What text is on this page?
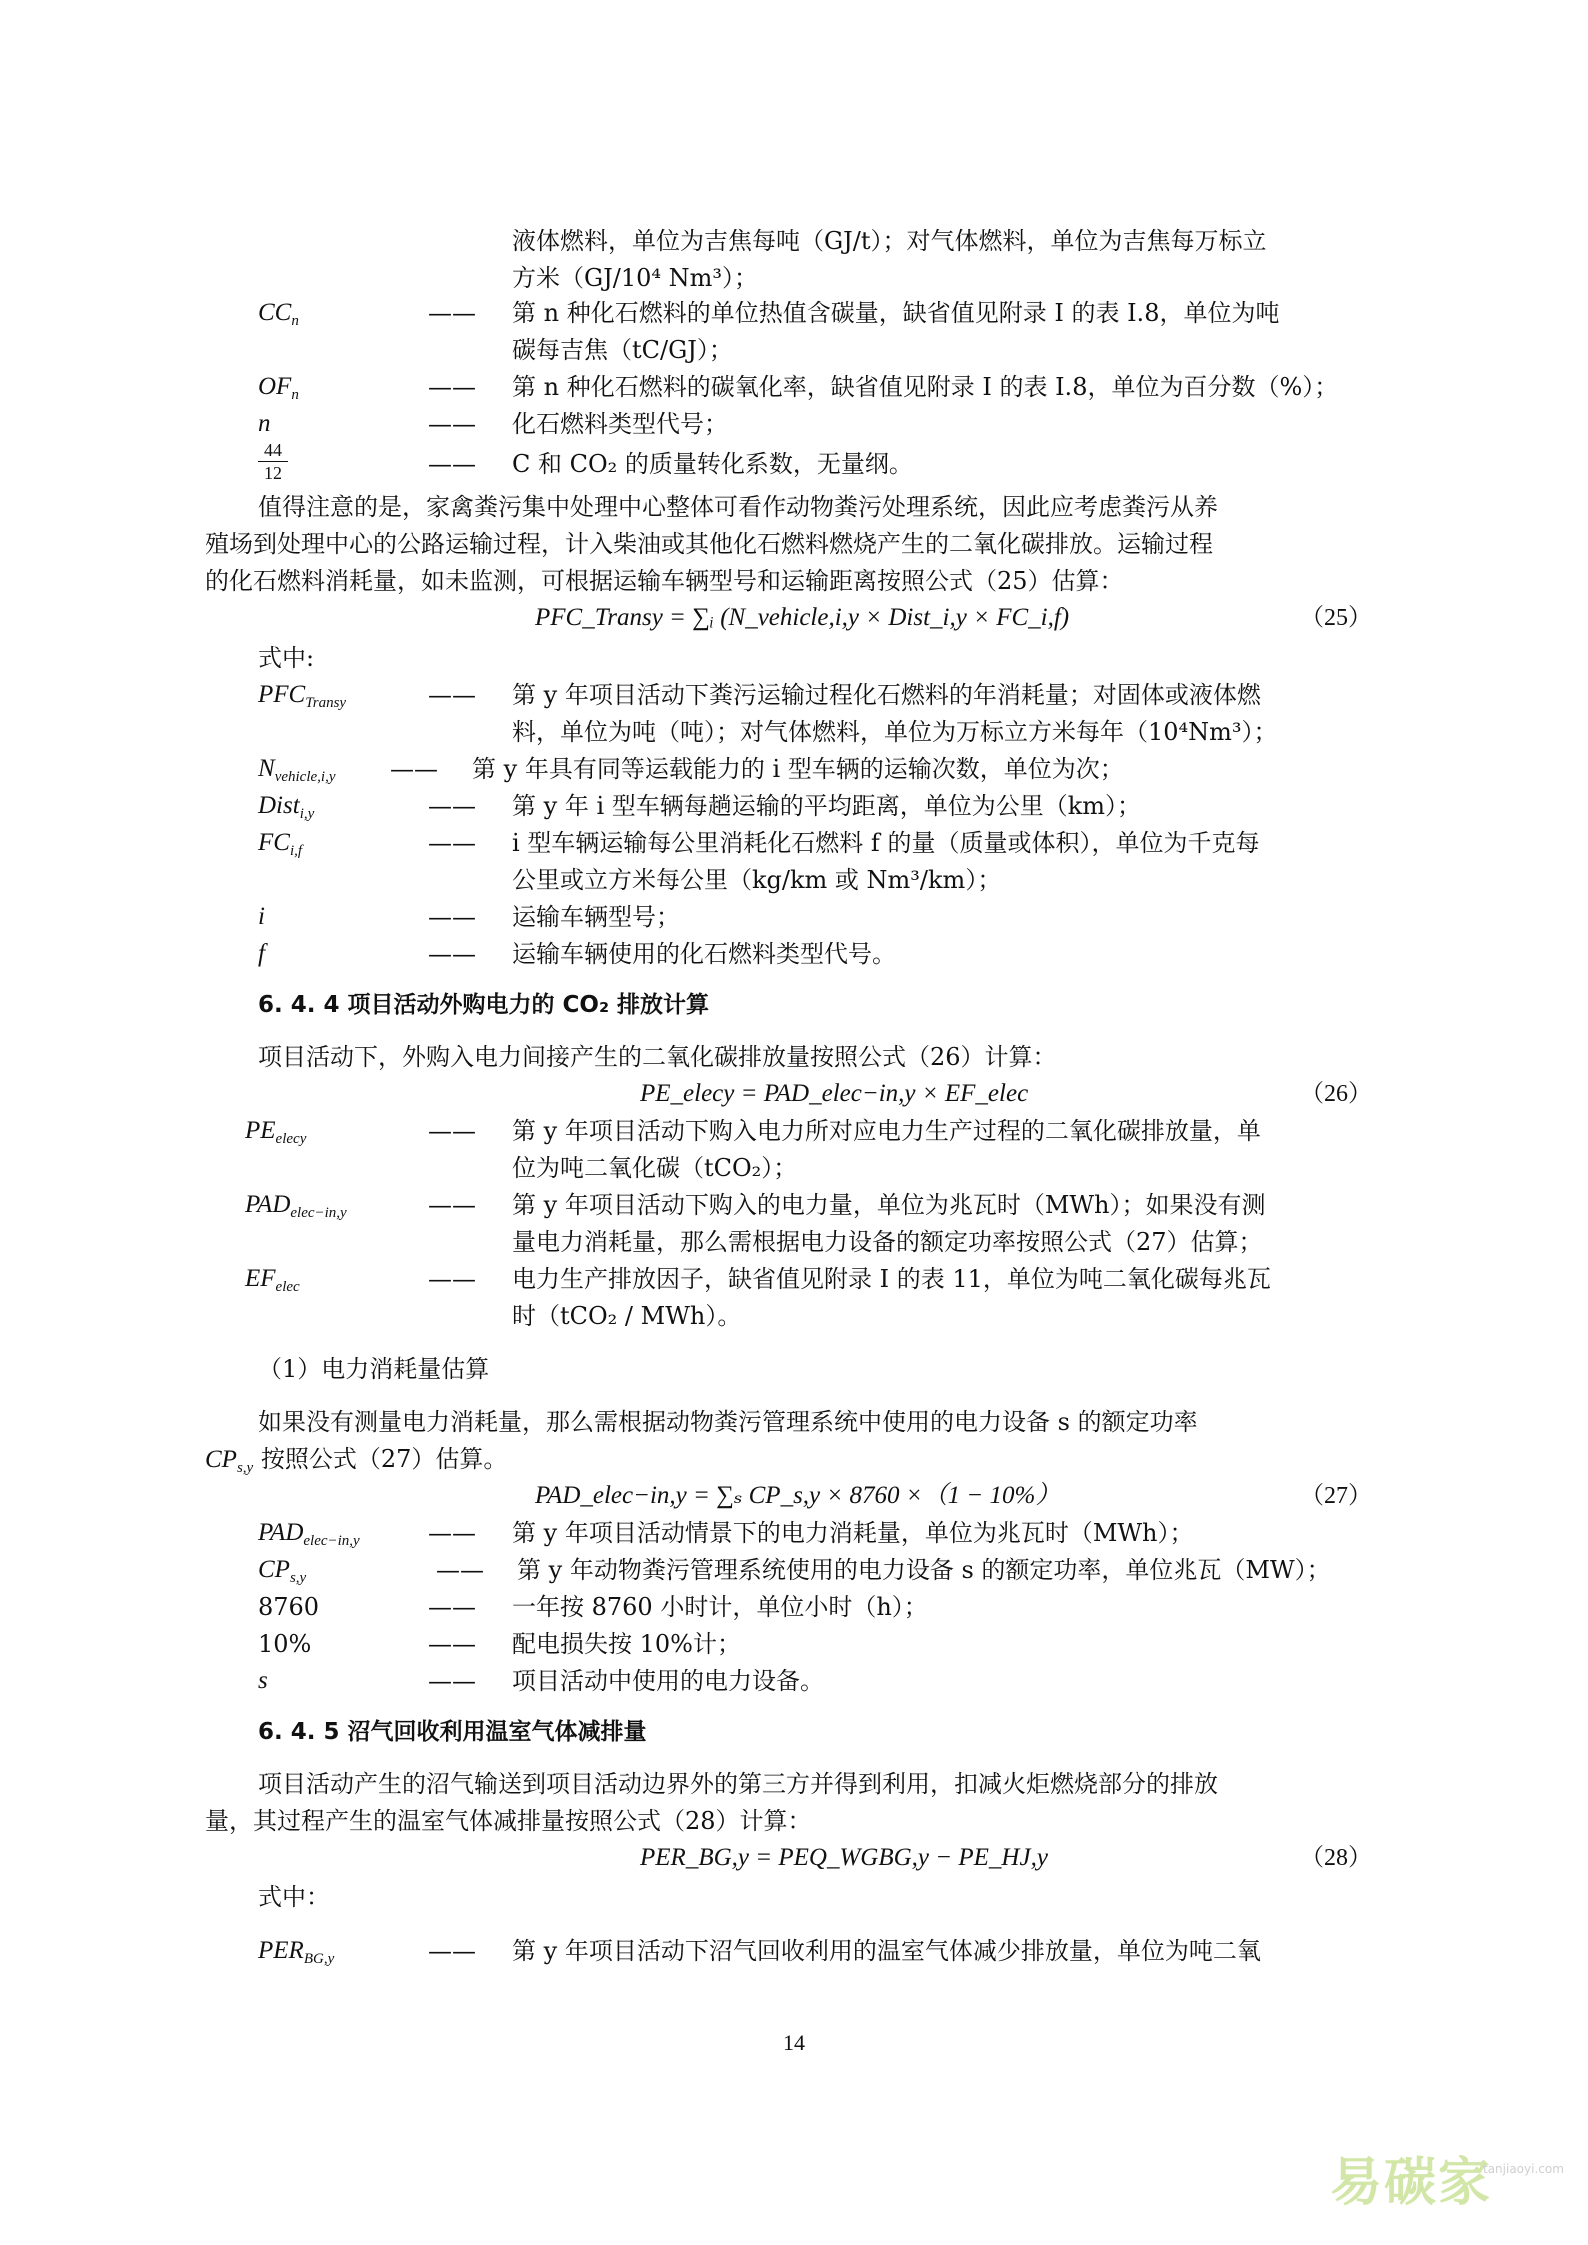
液体燃料，单位为吉焦每吨（GJ/t）；对气体燃料，单位为吉焦每万标立
方米（GJ/10⁴ Nm³）；
$CC_n$	—— 第 n 种化石燃料的单位热值含碳量，缺省值见附录 I 的表 I.8，单位为吨
碳每吉焦（tC/GJ）；
$OF_n$	—— 第 n 种化石燃料的碳氧化率，缺省值见附录 I 的表 I.8，单位为百分数（%）；
n	—— 化石燃料类型代号；
44
12	—— C 和 CO₂ 的质量转化系数，无量纲。
值得注意的是，家禽粪污集中处理中心整体可看作动物粪污处理系统，因此应考虑粪污从养
殖场到处理中心的公路运输过程，计入柴油或其他化石燃料燃烧产生的二氧化碳排放。运输过程
的化石燃料消耗量，如未监测，可根据运输车辆型号和运输距离按照公式（25）估算：
PFC_Transy = ∑ᵢ (N_vehicle,i,y × Dist_i,y × FC_i,f)	（25）
式中:
$PFC_{Transy}$	—— 第 y 年项目活动下粪污运输过程化石燃料的年消耗量；对固体或液体燃
料，单位为吨（吨）；对气体燃料，单位为万标立方米每年（10⁴Nm³）；
$N_{vehicle,i,y}$ —— 第 y 年具有同等运载能力的 i 型车辆的运输次数，单位为次；
Dist$_{i,y}$	—— 第 y 年 i 型车辆每趟运输的平均距离，单位为公里（km）；
$FC_{i,f}$	—— i 型车辆运输每公里消耗化石燃料 f 的量（质量或体积），单位为千克每
公里或立方米每公里（kg/km 或 Nm³/km）；
i	—— 运输车辆型号；
f	—— 运输车辆使用的化石燃料类型代号。
6. 4. 4 项目活动外购电力的 CO₂ 排放计算
项目活动下，外购入电力间接产生的二氧化碳排放量按照公式（26）计算：
PE_elecy = PAD_elec−in,y × EF_elec	（26）
$PE_{elecy}$	—— 第 y 年项目活动下购入电力所对应电力生产过程的二氧化碳排放量，单
位为吨二氧化碳（tCO₂）；
$PAD_{elec-in,y}$	—— 第 y 年项目活动下购入的电力量，单位为兆瓦时（MWh）；如果没有测
量电力消耗量，那么需根据电力设备的额定功率按照公式（27）估算；
$EF_{elec}$	—— 电力生产排放因子，缺省值见附录 I 的表 11，单位为吨二氧化碳每兆瓦
时（tCO₂ / MWh）。
（1）电力消耗量估算
如果没有测量电力消耗量，那么需根据动物粪污管理系统中使用的电力设备 s 的额定功率
$CP_{s,y}$ 按照公式（27）估算。
PAD_elec−in,y = ∑ₛ CP_s,y × 8760 ×（1 − 10%）	（27）
$PAD_{elec-in,y}$	—— 第 y 年项目活动情景下的电力消耗量，单位为兆瓦时（MWh）；
$CP_{s,y}$	—— 第 y 年动物粪污管理系统使用的电力设备 s 的额定功率，单位兆瓦（MW）；
8760	—— 一年按 8760 小时计，单位小时（h）；
10%	—— 配电损失按 10%计；
s	—— 项目活动中使用的电力设备。
6. 4. 5 沼气回收利用温室气体减排量
项目活动产生的沼气输送到项目活动边界外的第三方并得到利用，扣减火炬燃烧部分的排放
量，其过程产生的温室气体减排量按照公式（28）计算：
PER_BG,y = PEQ_WGBG,y − PE_HJ,y	（28）
式中：
$PER_{BG,y}$	—— 第 y 年项目活动下沼气回收利用的温室气体减少排放量，单位为吨二氧
14
易碳家
tanjiaoyi.com
